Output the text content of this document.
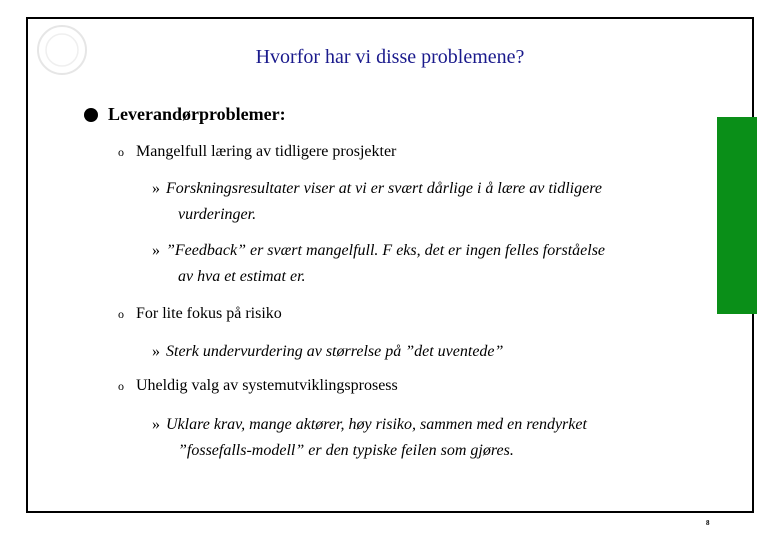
Hvorfor har vi disse problemene?
Leverandørproblemer:
o Mangelfull læring av tidligere prosjekter
» Forskningsresultater viser at vi er svært dårlige i å lære av tidligere
vurderinger.
» ”Feedback” er svært mangelfull. F eks, det er ingen felles forståelse
av hva et estimat er.
o For lite fokus på risiko
» Sterk undervurdering av størrelse på ”det uventede”
o Uheldig valg av systemutviklingsprosess
» Uklare krav, mange aktører, høy risiko, sammen med en rendyrket
”fossefalls-modell” er den typiske feilen som gjøres.
8
